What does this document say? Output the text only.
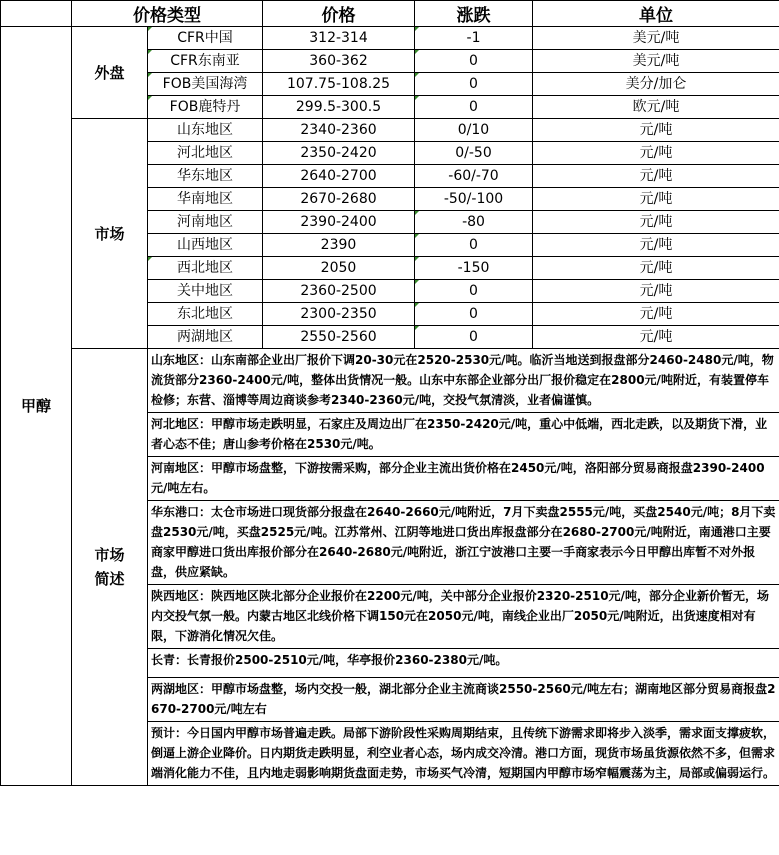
	价格类型		价格	涨跌	单位
甲醇	外盘	CFR中国	312-314	-1	美元/吨
		CFR东南亚	360-362	0	美元/吨
		FOB美国海湾	107.75-108.25	0	美分/加仑
		FOB鹿特丹	299.5-300.5	0	欧元/吨
	市场	山东地区	2340-2360	0/10	元/吨
		河北地区	2350-2420	0/-50	元/吨
		华东地区	2640-2700	-60/-70	元/吨
		华南地区	2670-2680	-50/-100	元/吨
		河南地区	2390-2400	-80	元/吨
		山西地区	2390	0	元/吨
		西北地区	2050	-150	元/吨
		关中地区	2360-2500	0	元/吨
		东北地区	2300-2350	0	元/吨
		两湖地区	2550-2560	0	元/吨
	市场简述	山东地区：山东南部企业出厂报价下调20-30元在2520-2530元/吨。临沂当地送到报盘部分2460-2480元/吨，物流货部分2360-2400元/吨，整体出货情况一般。山东中东部企业部分出厂报价稳定在2800元/吨附近，有装置停车检修；东营、淄博等周边商谈参考2340-2360元/吨，交投气氛清淡，业者偏谨慎。			
		河北地区：甲醇市场走跌明显，石家庄及周边出厂在2350-2420元/吨，重心中低端，西北走跌，以及期货下滑，业者心态不佳；唐山参考价格在2530元/吨。			
		河南地区：甲醇市场盘整，下游按需采购，部分企业主流出货价格在2450元/吨，洛阳部分贸易商报盘2390-2400元/吨左右。			
		华东港口：太仓市场进口现货部分报盘在2640-2660元/吨附近，7月下卖盘2555元/吨，买盘2540元/吨；8月下卖盘2530元/吨，买盘2525元/吨。江苏常州、江阴等地进口货出库报盘部分在2680-2700元/吨附近，南通港口主要商家甲醇进口货出库报价部分在2640-2680元/吨附近，浙江宁波港口主要一手商家表示今日甲醇出库暂不对外报盘，供应紧缺。			
		陕西地区：陕西地区陕北部分企业报价在2200元/吨，关中部分企业报价2320-2510元/吨，部分企业新价暂无，场内交投气氛一般。内蒙古地区北线价格下调150元在2050元/吨，南线企业出厂2050元/吨附近，出货速度相对有限，下游消化情况欠佳。			
		长青：长青报价2500-2510元/吨，华亭报价2360-2380元/吨。			
		两湖地区：甲醇市场盘整，场内交投一般，湖北部分企业主流商谈2550-2560元/吨左右；湖南地区部分贸易商报盘2670-2700元/吨左右			
		预计：今日国内甲醇市场普遍走跌。局部下游阶段性采购周期结束，且传统下游需求即将步入淡季，需求面支撑疲软，倒逼上游企业降价。日内期货走跌明显，利空业者心态，场内成交冷清。港口方面，现货市场虽货源依然不多，但需求端消化能力不佳，且内地走弱影响期货盘面走势，市场买气冷清，短期国内甲醇市场窄幅震荡为主，局部或偏弱运行。			
